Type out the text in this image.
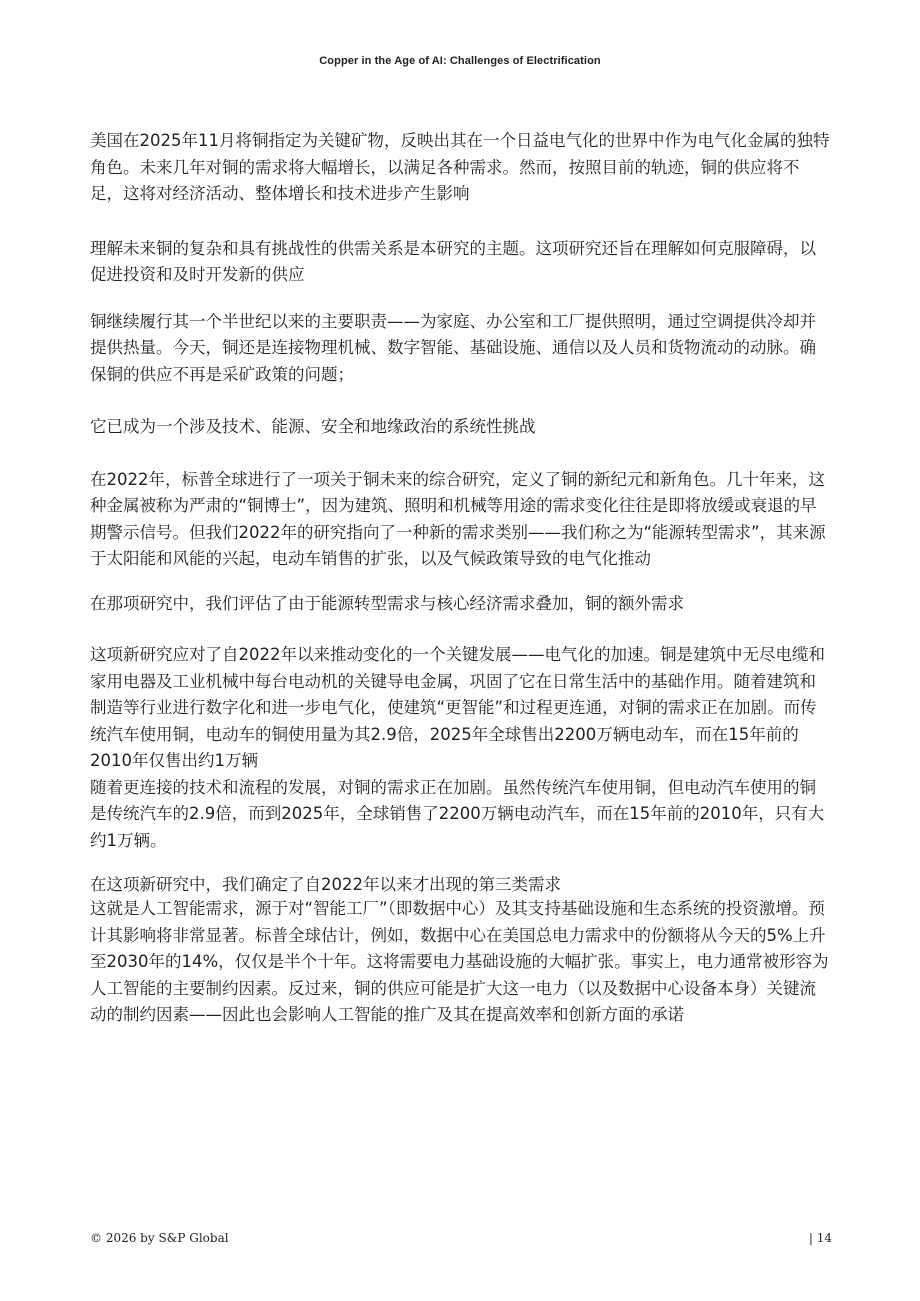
Copper in the Age of AI: Challenges of Electrification

美国在2025年11月将铜指定为关键矿物，反映出其在一个日益电气化的世界中作为电气化金属的独特角色。未来几年对铜的需求将大幅增长，以满足各种需求。然而，按照目前的轨迹，铜的供应将不足，这将对经济活动、整体增长和技术进步产生影响

理解未来铜的复杂和具有挑战性的供需关系是本研究的主题。这项研究还旨在理解如何克服障碍，以促进投资和及时开发新的供应

铜继续履行其一个半世纪以来的主要职责——为家庭、办公室和工厂提供照明，通过空调提供冷却并提供热量。今天，铜还是连接物理机械、数字智能、基础设施、通信以及人员和货物流动的动脉。确保铜的供应不再是采矿政策的问题；

它已成为一个涉及技术、能源、安全和地缘政治的系统性挑战

在2022年，标普全球进行了一项关于铜未来的综合研究，定义了铜的新纪元和新角色。几十年来，这种金属被称为严肃的“铜博士”，因为建筑、照明和机械等用途的需求变化往往是即将放缓或衰退的早期警示信号。但我们2022年的研究指向了一种新的需求类别——我们称之为“能源转型需求”，其来源于太阳能和风能的兴起，电动车销售的扩张，以及气候政策导致的电气化推动

在那项研究中，我们评估了由于能源转型需求与核心经济需求叠加，铜的额外需求

这项新研究应对了自2022年以来推动变化的一个关键发展——电气化的加速。铜是建筑中无尽电缆和家用电器及工业机械中每台电动机的关键导电金属，巩固了它在日常生活中的基础作用。随着建筑和制造等行业进行数字化和进一步电气化，使建筑“更智能”和过程更连通，对铜的需求正在加剧。而传统汽车使用铜，电动车的铜使用量为其2.9倍，2025年全球售出2200万辆电动车，而在15年前的2010年仅售出约1万辆

随着更连接的技术和流程的发展，对铜的需求正在加剧。虽然传统汽车使用铜，但电动汽车使用的铜是传统汽车的2.9倍，而到2025年，全球销售了2200万辆电动汽车，而在15年前的2010年，只有大约1万辆。

在这项新研究中，我们确定了自2022年以来才出现的第三类需求

这就是人工智能需求，源于对“智能工厂”（即数据中心）及其支持基础设施和生态系统的投资激增。预计其影响将非常显著。标普全球估计，例如，数据中心在美国总电力需求中的份额将从今天的5%上升至2030年的14%，仅仅是半个十年。这将需要电力基础设施的大幅扩张。事实上，电力通常被形容为人工智能的主要制约因素。反过来，铜的供应可能是扩大这一电力（以及数据中心设备本身）关键流动的制约因素——因此也会影响人工智能的推广及其在提高效率和创新方面的承诺

© 2026 by S&P Global	| 14
